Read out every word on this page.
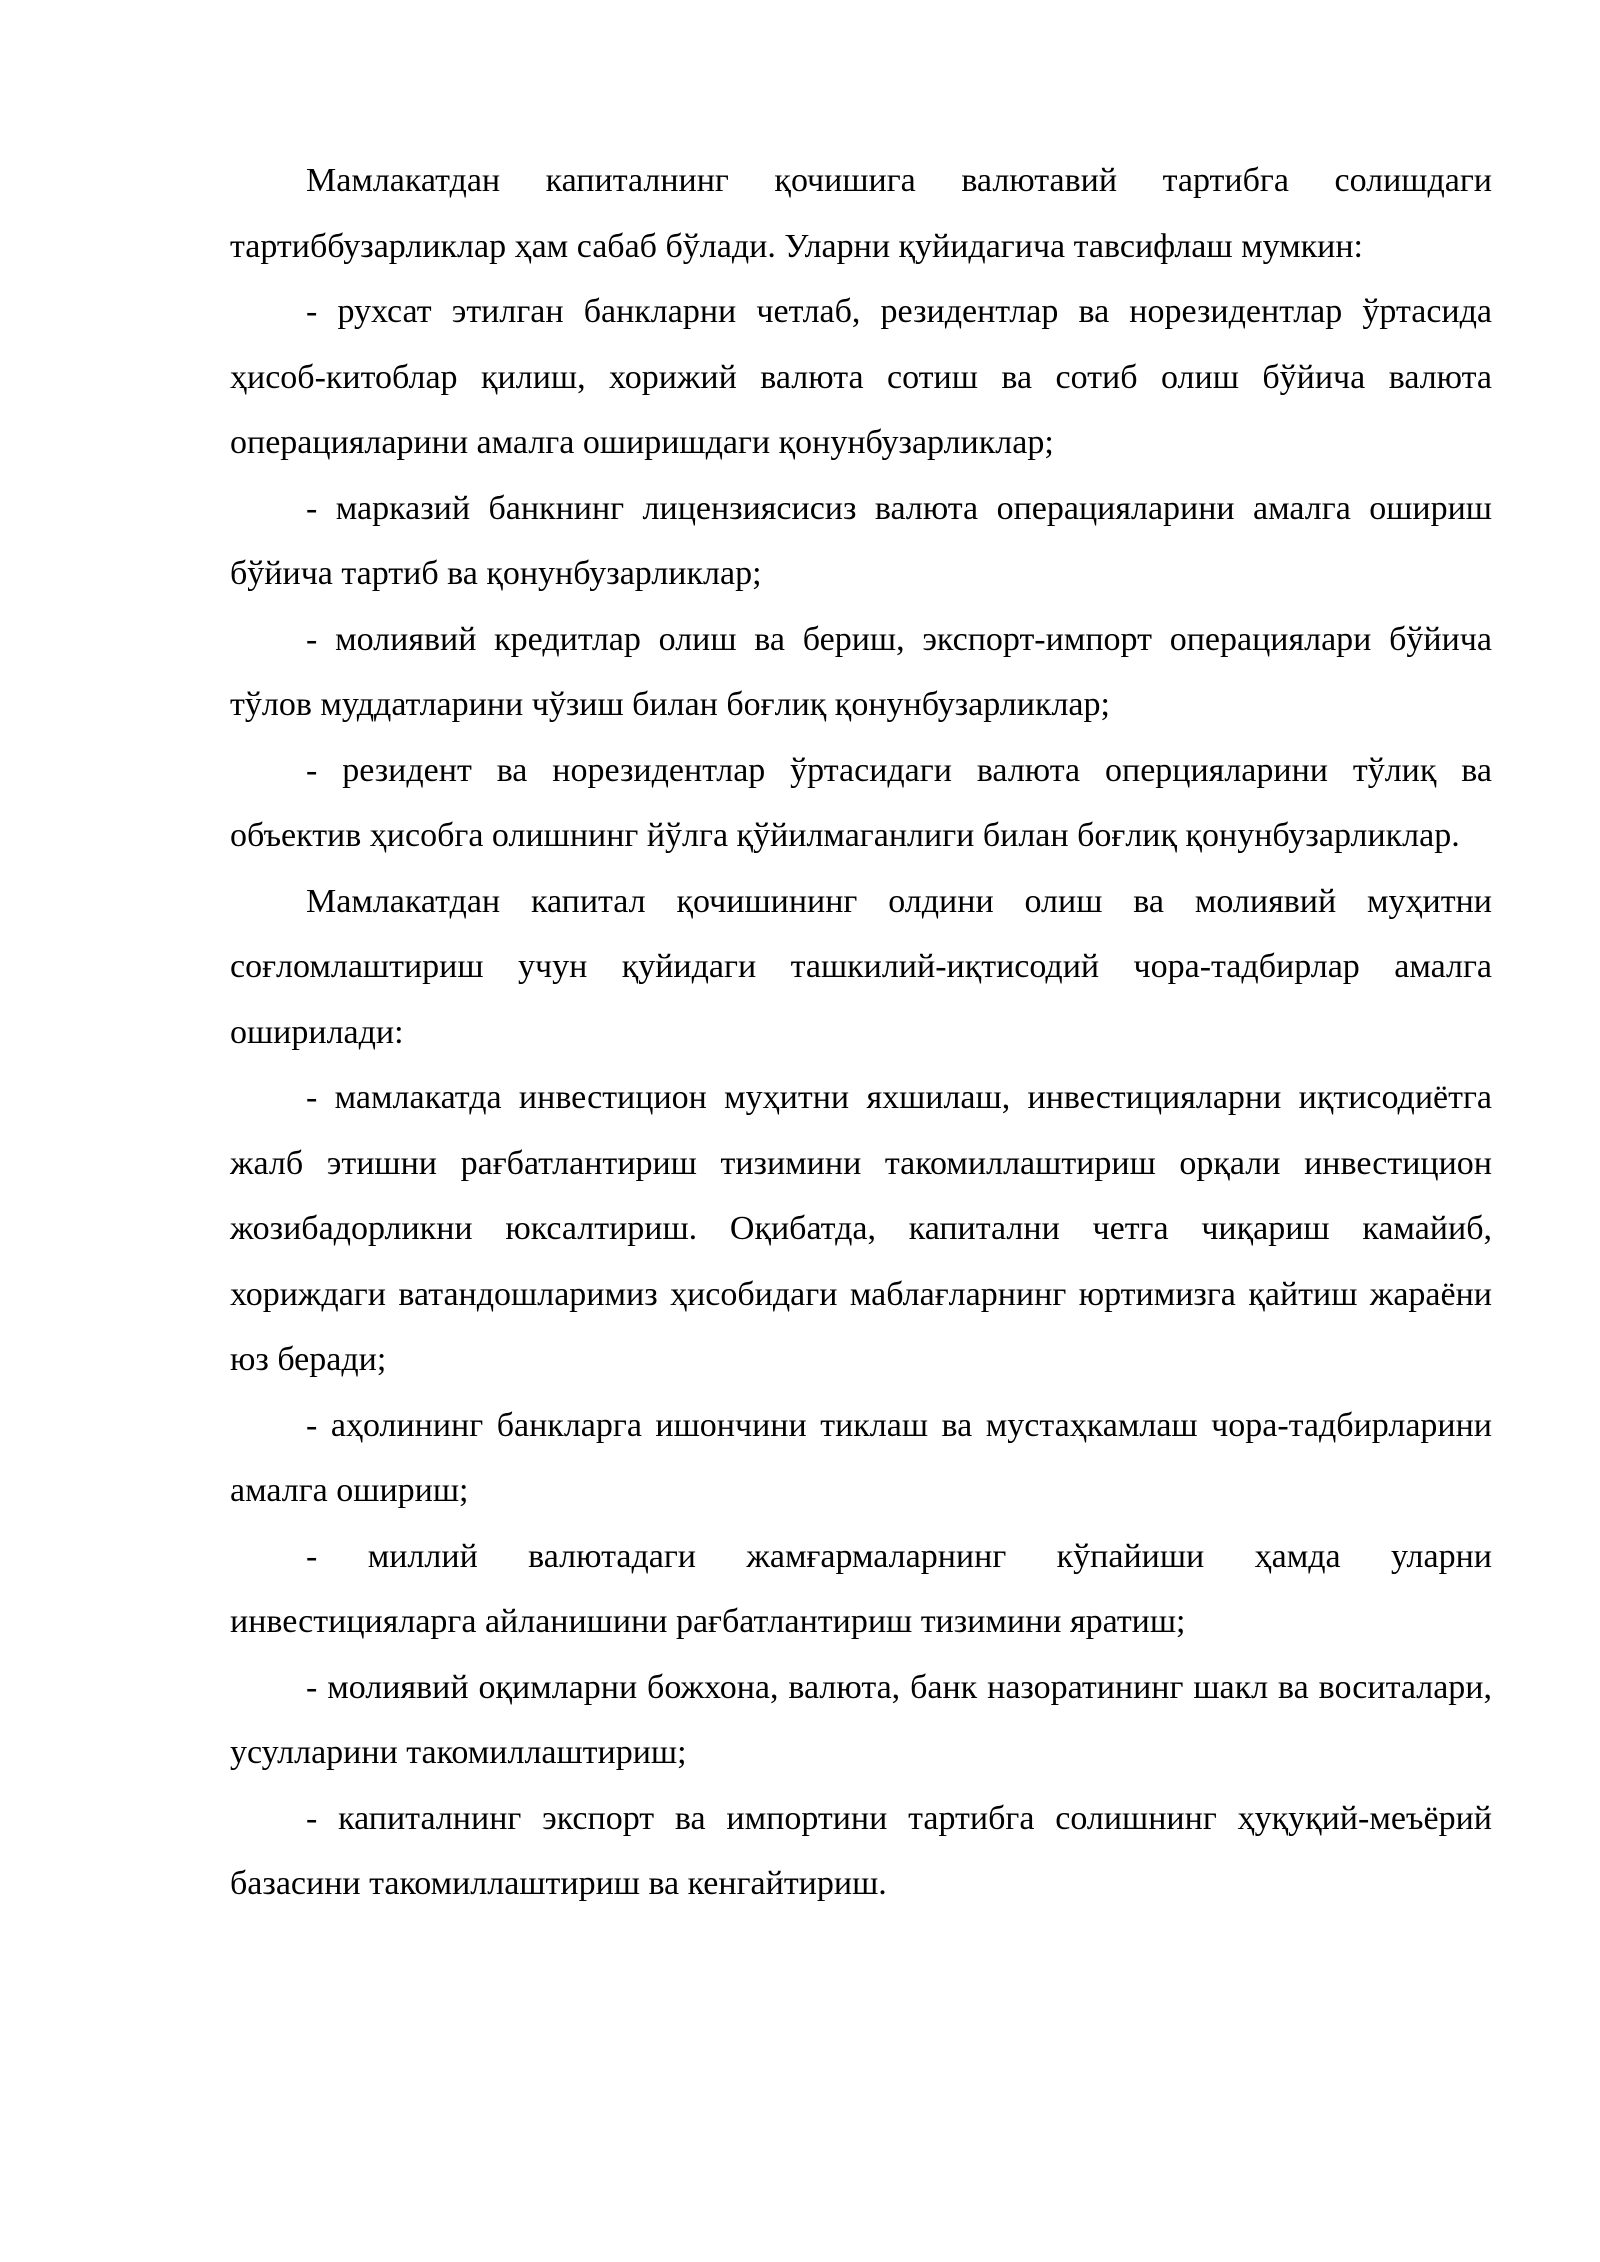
Мамлакатдан капиталнинг қочишига валютавий тартибга солишдаги тартиббузарликлар ҳам сабаб бўлади. Уларни қуйидагича тавсифлаш мумкин:

- рухсат этилган банкларни четлаб, резидентлар ва норезидентлар ўртасида ҳисоб-китоблар қилиш, хорижий валюта сотиш ва сотиб олиш бўйича валюта операцияларини амалга оширишдаги қонунбузарликлар;

- марказий банкнинг лицензиясисиз валюта операцияларини амалга ошириш бўйича тартиб ва қонунбузарликлар;

- молиявий кредитлар олиш ва бериш, экспорт-импорт операциялари бўйича тўлов муддатларини чўзиш билан боғлиқ қонунбузарликлар;

- резидент ва норезидентлар ўртасидаги валюта оперцияларини тўлиқ ва объектив ҳисобга олишнинг йўлга қўйилмаганлиги билан боғлиқ қонунбузарликлар.

Мамлакатдан капитал қочишининг олдини олиш ва молиявий муҳитни соғломлаштириш учун қуйидаги ташкилий-иқтисодий чора-тадбирлар амалга оширилади:

- мамлакатда инвестицион муҳитни яхшилаш, инвестицияларни иқтисодиётга жалб этишни рағбатлантириш тизимини такомиллаштириш орқали инвестицион жозибадорликни юксалтириш. Оқибатда, капитални четга чиқариш камайиб, хориждаги ватандошларимиз ҳисобидаги маблағларнинг юртимизга қайтиш жараёни юз беради;

- аҳолининг банкларга ишончини тиклаш ва мустаҳкамлаш чора-тадбирларини амалга ошириш;

- миллий валютадаги жамғармаларнинг кўпайиши ҳамда уларни инвестицияларга айланишини рағбатлантириш тизимини яратиш;

- молиявий оқимларни божхона, валюта, банк назоратининг шакл ва воситалари, усулларини такомиллаштириш;

- капиталнинг экспорт ва импортини тартибга солишнинг ҳуқуқий-меъёрий базасини такомиллаштириш ва кенгайтириш.
